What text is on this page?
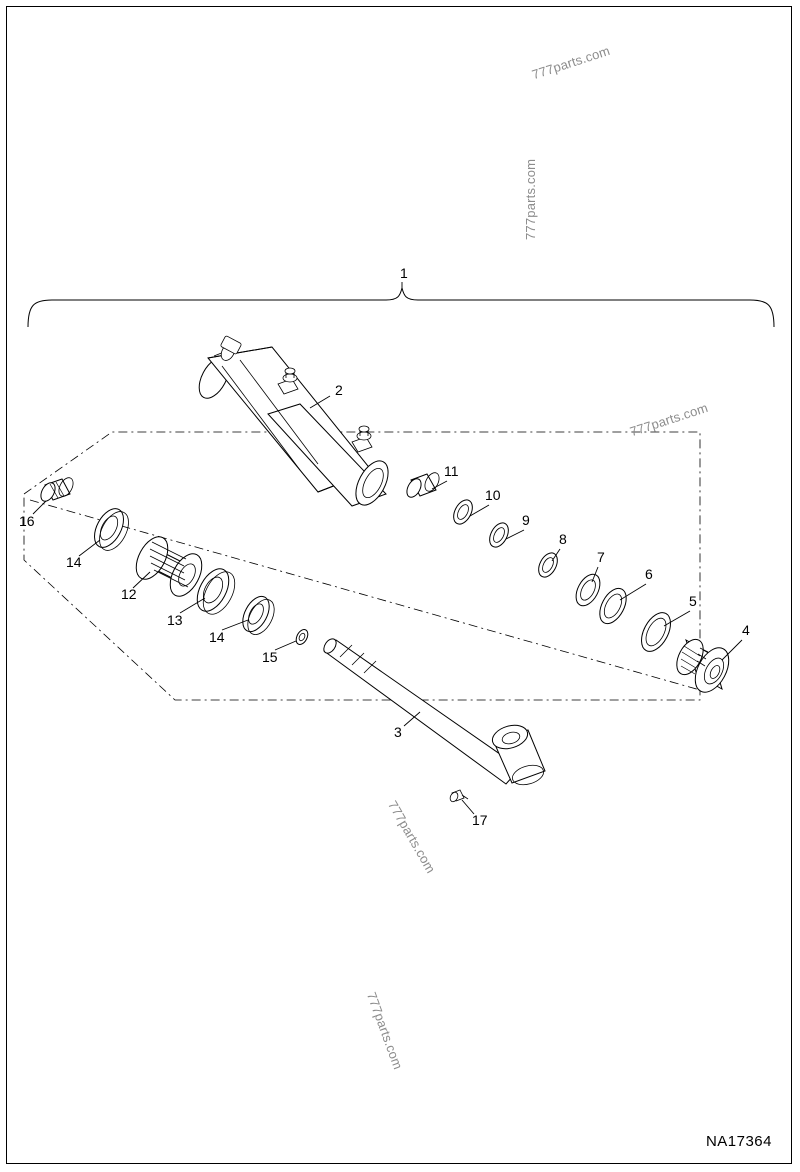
777parts.com
777parts.com
777parts.com
777parts.com
777parts.com
1
2
3
4
5
6
7
8
9
10
11
12
13
14
14
15
16
17
NA17364
